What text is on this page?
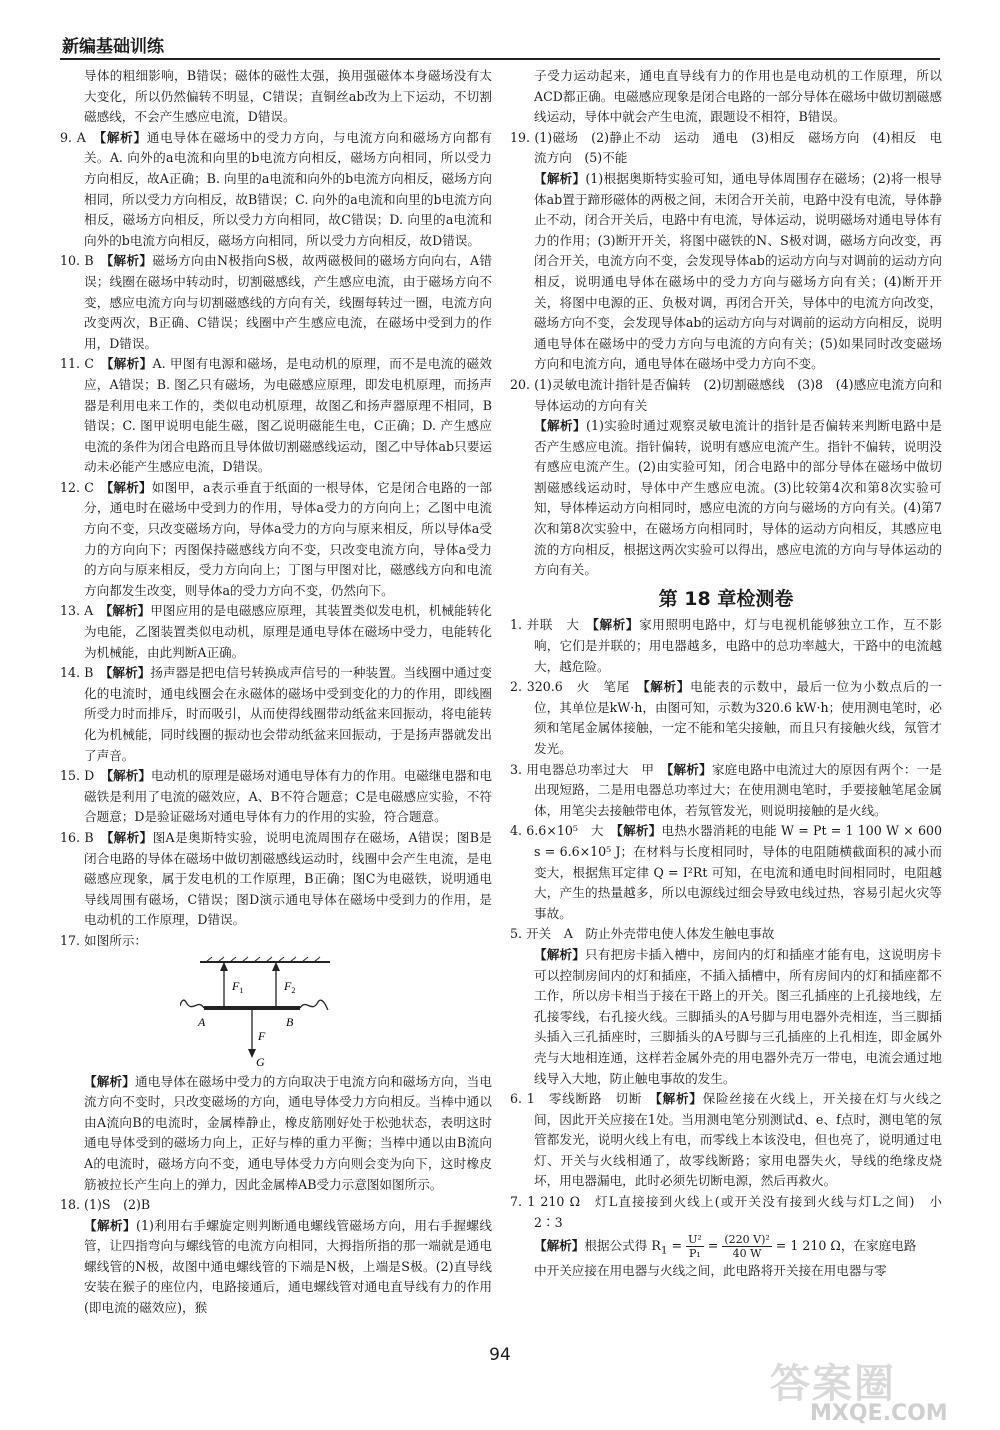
新编基础训练

导体的粗细影响，B错误；磁体的磁性太强，换用强磁体本身磁场没有太大变化，所以仍然偏转不明显，C错误；直铜丝ab改为上下运动，不切割磁感线，不会产生感应电流，D错误。

9. A　【解析】通电导体在磁场中的受力方向，与电流方向和磁场方向都有关。A. 向外的a电流和向里的b电流方向相反，磁场方向相同，所以受力方向相反，故A正确；B. 向里的a电流和向外的b电流方向相反，磁场方向相同，所以受力方向相反，故B错误；C. 向外的a电流和向里的b电流方向相反，磁场方向相反，所以受力方向相同，故C错误；D. 向里的a电流和向外的b电流方向相反，磁场方向相同，所以受力方向相反，故D错误。

10. B　【解析】磁场方向由N极指向S极，故两磁极间的磁场方向向右，A错误；线圈在磁场中转动时，切割磁感线，产生感应电流，由于磁场方向不变，感应电流方向与切割磁感线的方向有关，线圈每转过一圈，电流方向改变两次，B正确、C错误；线圈中产生感应电流，在磁场中受到力的作用，D错误。

11. C　【解析】A. 甲图有电源和磁场，是电动机的原理，而不是电流的磁效应，A错误；B. 图乙只有磁场，为电磁感应原理，即发电机原理，而扬声器是利用电来工作的，类似电动机原理，故图乙和扬声器原理不相同，B错误；C. 图甲说明电能生磁，图乙说明磁能生电，C正确；D. 产生感应电流的条件为闭合电路而且导体做切割磁感线运动，图乙中导体ab只要运动未必能产生感应电流，D错误。

12. C　【解析】如图甲，a表示垂直于纸面的一根导体，它是闭合电路的一部分，通电时在磁场中受到力的作用，导体a受力的方向向上；乙图中电流方向不变，只改变磁场方向，导体a受力的方向与原来相反，所以导体a受力的方向向下；丙图保持磁感线方向不变，只改变电流方向，导体a受力的方向与原来相反，受力方向向上；丁图与甲图对比，磁感线方向和电流方向都发生改变，则导体a的受力方向不变，仍然向下。

13. A　【解析】甲图应用的是电磁感应原理，其装置类似发电机，机械能转化为电能，乙图装置类似电动机，原理是通电导体在磁场中受力，电能转化为机械能，由此判断A正确。

14. B　【解析】扬声器是把电信号转换成声信号的一种装置。当线圈中通过变化的电流时，通电线圈会在永磁体的磁场中受到变化的力的作用，即线圈所受力时而排斥，时而吸引，从而使得线圈带动纸盆来回振动，将电能转化为机械能，同时线圈的振动也会带动纸盆来回振动，于是扬声器就发出了声音。

15. D　【解析】电动机的原理是磁场对通电导体有力的作用。电磁继电器和电磁铁是利用了电流的磁效应，A、B不符合题意；C是电磁感应实验，不符合题意；D是验证磁场对通电导体有力的作用的实验，符合题意。

16. B　【解析】图A是奥斯特实验，说明电流周围存在磁场，A错误；图B是闭合电路的导体在磁场中做切割磁感线运动时，线圈中会产生电流，是电磁感应现象，属于发电机的工作原理，B正确；图C为电磁铁，说明通电导线周围有磁场，C错误；图D演示通电导体在磁场中受到力的作用，是电动机的工作原理，D错误。

17. 如图所示：

$F_1$	$F_2$
A	B
F
G

【解析】通电导体在磁场中受力的方向取决于电流方向和磁场方向，当电流方向不变时，只改变磁场的方向，通电导体受力方向相反。当棒中通以由A流向B的电流时，金属棒静止，橡皮筋刚好处于松弛状态，表明这时通电导体受到的磁场力向上，正好与棒的重力平衡；当棒中通以由B流向A的电流时，磁场方向不变，通电导体受力方向则会变为向下，这时橡皮筋被拉长产生向上的弹力，因此金属棒AB受力示意图如图所示。

18. (1)S　(2)B

【解析】(1)利用右手螺旋定则判断通电螺线管磁场方向，用右手握螺线管，让四指弯向与螺线管的电流方向相同，大拇指所指的那一端就是通电螺线管的N极，故图中通电螺线管的下端是N极，上端是S极。(2)直导线安装在猴子的座位内，电路接通后，通电螺线管对通电直导线有力的作用(即电流的磁效应)，猴

子受力运动起来，通电直导线有力的作用也是电动机的工作原理，所以ACD都正确。电磁感应现象是闭合电路的一部分导体在磁场中做切割磁感线运动，导体中就会产生电流，跟题设不相符，B错误。

19. (1)磁场　(2)静止不动　运动　通电　(3)相反　磁场方向　(4)相反　电流方向　(5)不能

【解析】(1)根据奥斯特实验可知，通电导体周围存在磁场；(2)将一根导体ab置于蹄形磁体的两极之间，未闭合开关前，电路中没有电流，导体静止不动，闭合开关后，电路中有电流，导体运动，说明磁场对通电导体有力的作用；(3)断开开关，将图中磁铁的N、S极对调，磁场方向改变，再闭合开关，电流方向不变，会发现导体ab的运动方向与对调前的运动方向相反，说明通电导体在磁场中的受力方向与磁场方向有关；(4)断开开关，将图中电源的正、负极对调，再闭合开关，导体中的电流方向改变，磁场方向不变，会发现导体ab的运动方向与对调前的运动方向相反，说明通电导体在磁场中的受力方向与电流的方向有关；(5)如果同时改变磁场方向和电流方向，通电导体在磁场中受力方向不变。

20. (1)灵敏电流计指针是否偏转　(2)切割磁感线　(3)8　(4)感应电流方向和导体运动的方向有关

【解析】(1)实验时通过观察灵敏电流计的指针是否偏转来判断电路中是否产生感应电流。指针偏转，说明有感应电流产生。指针不偏转，说明没有感应电流产生。(2)由实验可知，闭合电路中的部分导体在磁场中做切割磁感线运动时，导体中产生感应电流。(3)比较第4次和第8次实验可知，导体棒运动方向相同时，感应电流的方向与磁场的方向有关。(4)第7次和第8次实验中，在磁场方向相同时，导体的运动方向相反，其感应电流的方向相反，根据这两次实验可以得出，感应电流的方向与导体运动的方向有关。

第 18 章检测卷

1. 并联　大　【解析】家用照明电路中，灯与电视机能够独立工作，互不影响，它们是并联的；用电器越多，电路中的总功率越大，干路中的电流越大，越危险。

2. 320.6　火　笔尾　【解析】电能表的示数中，最后一位为小数点后的一位，其单位是kW·h，由图可知，示数为320.6 kW·h；使用测电笔时，必须和笔尾金属体接触，一定不能和笔尖接触，而且只有接触火线，氖管才发光。

3. 用电器总功率过大　甲　【解析】家庭电路中电流过大的原因有两个：一是出现短路，二是用电器总功率过大；在使用测电笔时，手要接触笔尾金属体，用笔尖去接触带电体，若氖管发光，则说明接触的是火线。

4. 6.6×10⁵　大　【解析】电热水器消耗的电能 W = Pt = 1 100 W × 600 s = 6.6×10⁵ J；在材料与长度相同时，导体的电阻随横截面积的减小而变大，根据焦耳定律 Q = I²Rt 可知，在电流和通电时间相同时，电阻越大，产生的热量越多，所以电源线过细会导致电线过热，容易引起火灾等事故。

5. 开关　A　防止外壳带电使人体发生触电事故

【解析】只有把房卡插入槽中，房间内的灯和插座才能有电，这说明房卡可以控制房间内的灯和插座，不插入插槽中，所有房间内的灯和插座都不工作，所以房卡相当于接在干路上的开关。图三孔插座的上孔接地线，左孔接零线，右孔接火线。三脚插头的A号脚与用电器外壳相连，当三脚插头插入三孔插座时，三脚插头的A号脚与三孔插座的上孔相连，即金属外壳与大地相连通，这样若金属外壳的用电器外壳万一带电，电流会通过地线导入大地，防止触电事故的发生。

6. 1　零线断路　切断　【解析】保险丝接在火线上，开关接在灯与火线之间，因此开关应接在1处。当用测电笔分别测试d、e、f点时，测电笔的氖管都发光，说明火线上有电，而零线上本该没电，但也亮了，说明通过电灯、开关与火线相通了，故零线断路；家用电器失火，导线的绝缘皮烧坏，用电器漏电，此时必须先切断电源，然后再救火。

7. 1 210 Ω　灯L直接接到火线上(或开关没有接到火线与灯L之间)　小　2∶3

【解析】根据公式得 $R_1 = \frac{\text{U²}}{\text{P₁}} = \frac{\text{(220 V)²}}{40 W} = 1$ 210 Ω，在家庭电路

中开关应接在用电器与火线之间，此电路将开关接在用电器与零

94
答案圈
MXQE.COM
